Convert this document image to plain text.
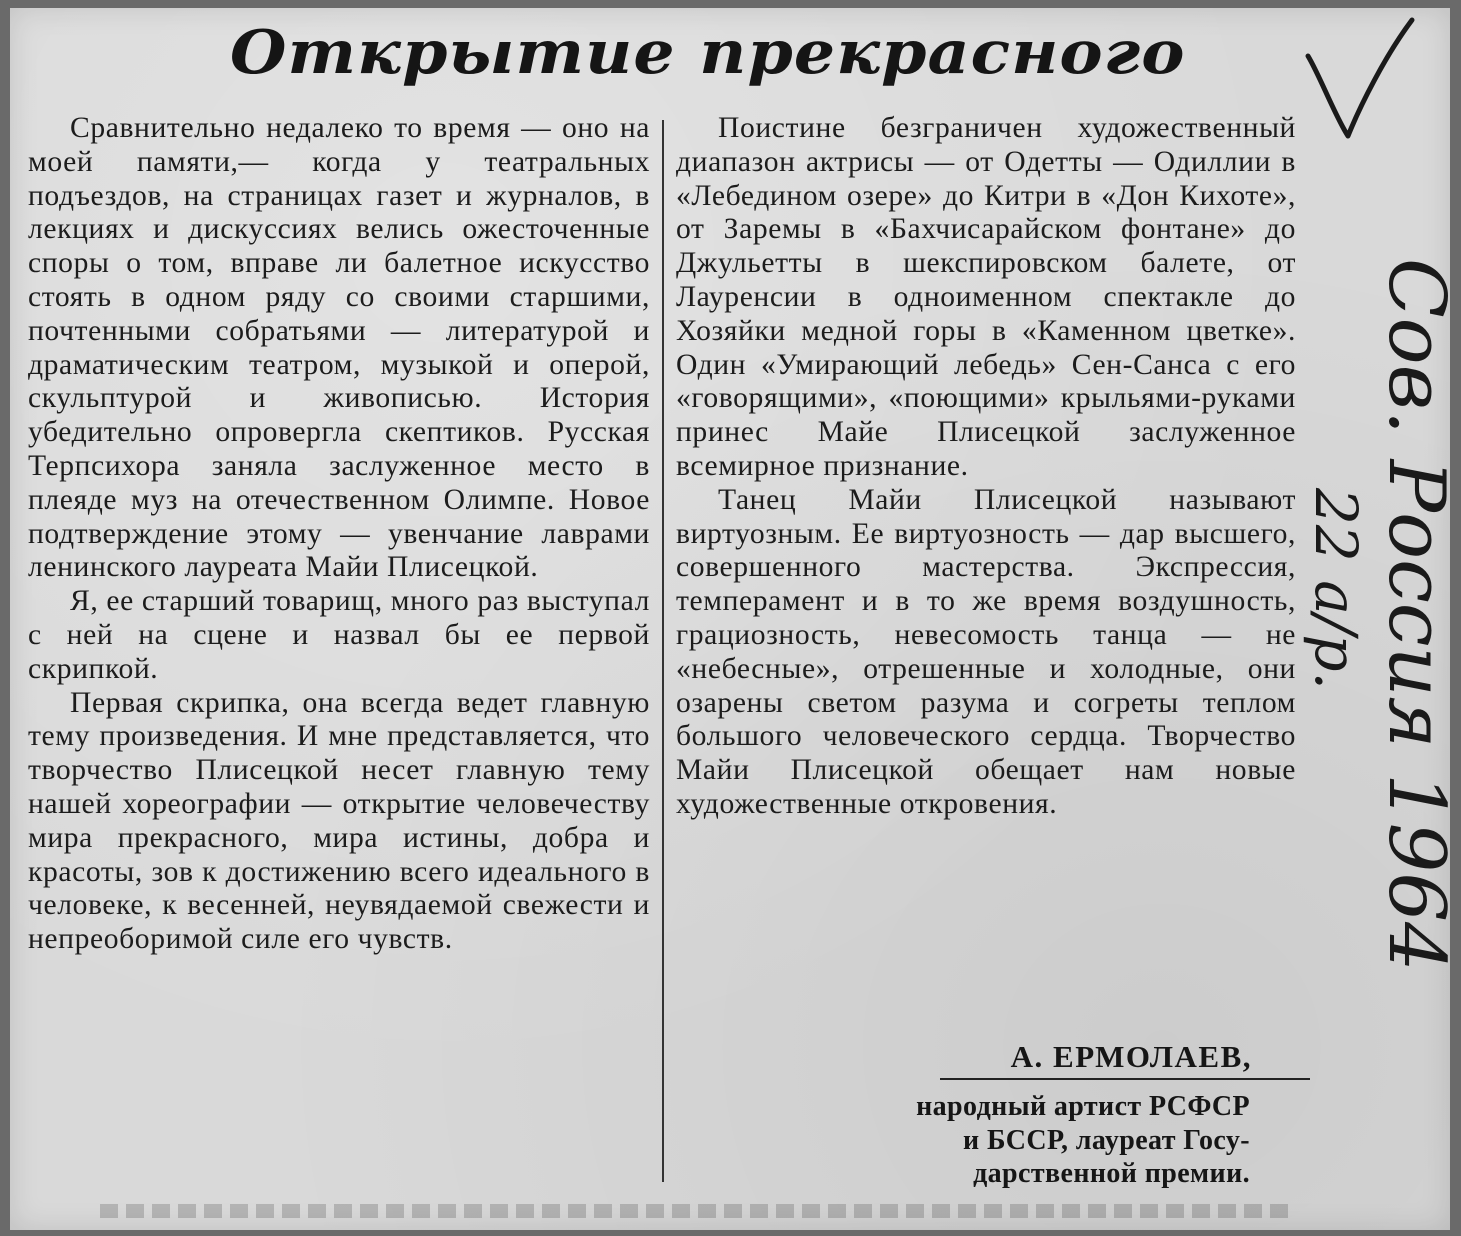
Открытие прекрасного

Сравнительно недалеко то время — оно на моей памяти,— когда у театральных подъездов, на страницах газет и журналов, в лекциях и дискуссиях велись ожесточенные споры о том, вправе ли балетное искусство стоять в одном ряду со своими старшими, почтенными собратьями — литературой и драматическим театром, музыкой и оперой, скульптурой и живописью. История убедительно опровергла скептиков. Русская Терпсихора заняла заслуженное место в плеяде муз на отечественном Олимпе. Новое подтверждение этому — увенчание лаврами ленинского лауреата Майи Плисецкой.

Я, ее старший товарищ, много раз выступал с ней на сцене и назвал бы ее первой скрипкой.

Первая скрипка, она всегда ведет главную тему произведения. И мне представляется, что творчество Плисецкой несет главную тему нашей хореографии — открытие человечеству мира прекрасного, мира истины, добра и красоты, зов к достижению всего идеального в человеке, к весенней, неувядаемой свежести и непреоборимой силе его чувств.

Поистине безграничен художественный диапазон актрисы — от Одетты — Одиллии в «Лебедином озере» до Китри в «Дон Кихоте», от Заремы в «Бахчисарайском фонтане» до Джульетты в шекспировском балете, от Лауренсии в одноименном спектакле до Хозяйки медной горы в «Каменном цветке». Один «Умирающий лебедь» Сен-Санса с его «говорящими», «поющими» крыльями-руками принес Майе Плисецкой заслуженное всемирное признание.

Танец Майи Плисецкой называют виртуозным. Ее виртуозность — дар высшего, совершенного мастерства. Экспрессия, темперамент и в то же время воздушность, грациозность, невесомость танца — не «небесные», отрешенные и холодные, они озарены светом разума и согреты теплом большого человеческого сердца. Творчество Майи Плисецкой обещает нам новые художественные откровения.

А. ЕРМОЛАЕВ,
народный артист РСФСР
и БССР, лауреат Госу-
дарственной премии.
Сов. Россия 1964
22 а/р.
